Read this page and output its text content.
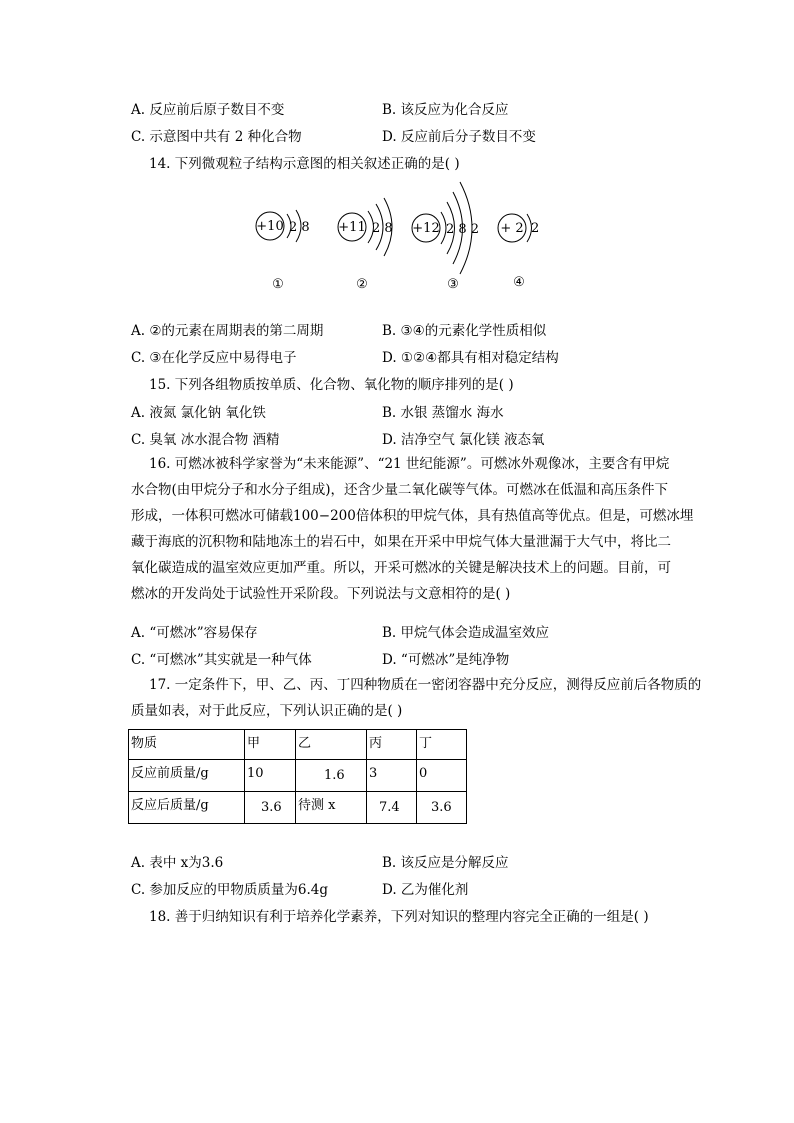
A. 反应前后原子数目不变	B. 该反应为化合反应
C. 示意图中共有 2 种化合物	D. 反应前后分子数目不变
14. 下列微观粒子结构示意图的相关叙述正确的是( )
+10 2 8 +11 2 8 +12 2 8 2 + 2 2
①	②	③	④
A. ②的元素在周期表的第二周期	B. ③④的元素化学性质相似
C. ③在化学反应中易得电子	D. ①②④都具有相对稳定结构
15. 下列各组物质按单质、化合物、氧化物的顺序排列的是( )
A. 液氮 氯化钠 氧化铁	B. 水银 蒸馏水 海水
C. 臭氧 冰水混合物 酒精	D. 洁净空气 氯化镁 液态氧
16. 可燃冰被科学家誉为“未来能源”、“21 世纪能源”。可燃冰外观像冰，主要含有甲烷
水合物(由甲烷分子和水分子组成)，还含少量二氧化碳等气体。可燃冰在低温和高压条件下
形成，一体积可燃冰可储载100−200倍体积的甲烷气体，具有热值高等优点。但是，可燃冰埋
藏于海底的沉积物和陆地冻土的岩石中，如果在开采中甲烷气体大量泄漏于大气中，将比二
氧化碳造成的温室效应更加严重。所以，开采可燃冰的关键是解决技术上的问题。目前，可
燃冰的开发尚处于试验性开采阶段。下列说法与文意相符的是( )
A. “可燃冰”容易保存	B. 甲烷气体会造成温室效应
C. “可燃冰”其实就是一种气体	D. “可燃冰”是纯净物
17. 一定条件下，甲、乙、丙、丁四种物质在一密闭容器中充分反应，测得反应前后各物质的
质量如表，对于此反应，下列认识正确的是( )
物质	甲	乙	丙	丁
反应前质量/g	10	1.6	3	0
反应后质量/g	3.6	待测 x	7.4	3.6
A. 表中 x为3.6	B. 该反应是分解反应
C. 参加反应的甲物质质量为6.4g	D. 乙为催化剂
18. 善于归纳知识有利于培养化学素养，下列对知识的整理内容完全正确的一组是( )
